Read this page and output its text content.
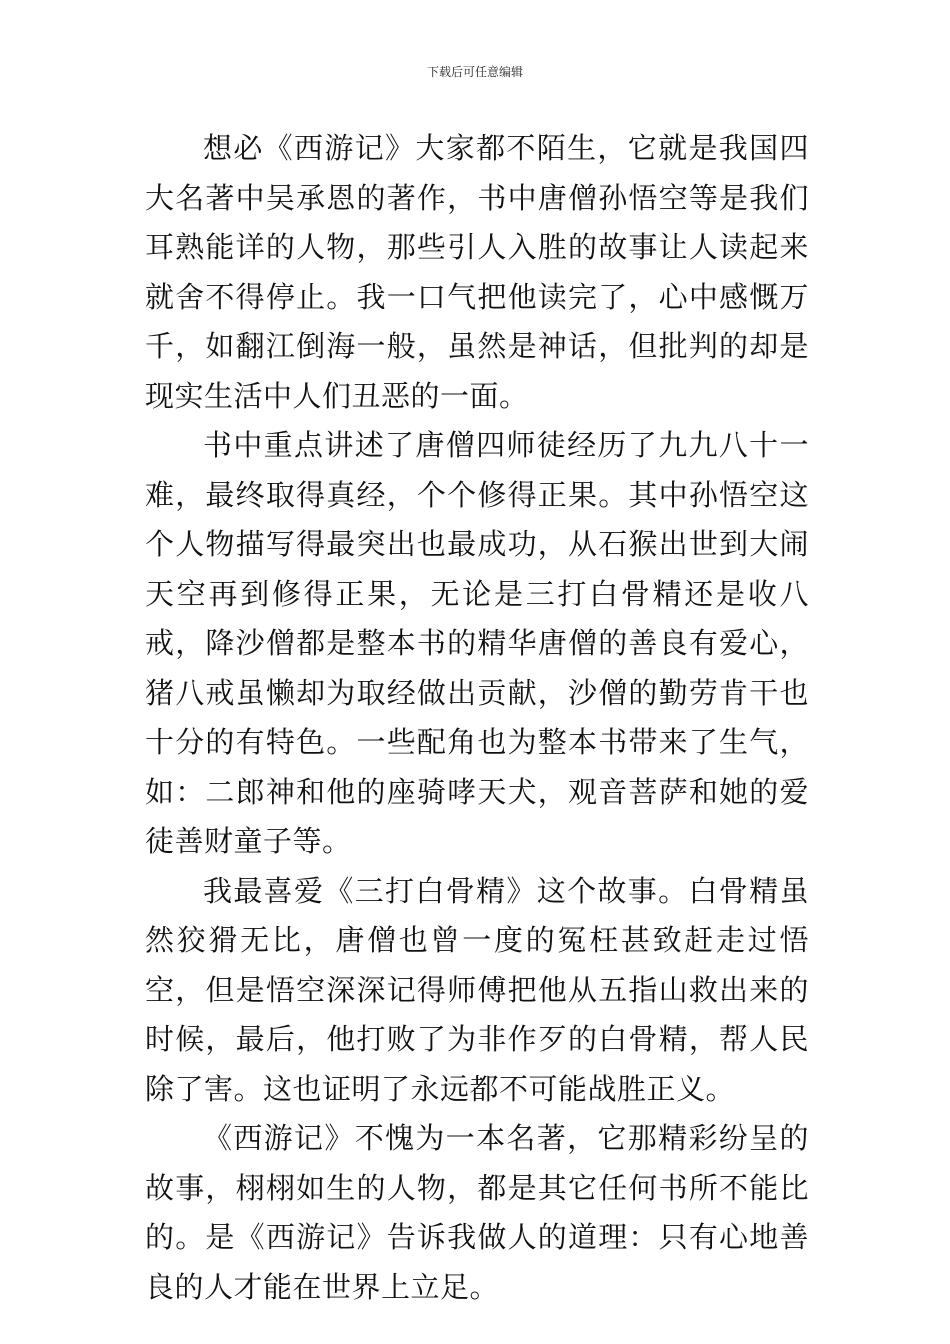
下载后可任意编辑

想必《西游记》大家都不陌生，它就是我国四大名著中吴承恩的著作，书中唐僧孙悟空等是我们耳熟能详的人物，那些引人入胜的故事让人读起来就舍不得停止。我一口气把他读完了，心中感慨万千，如翻江倒海一般，虽然是神话，但批判的却是现实生活中人们丑恶的一面。

书中重点讲述了唐僧四师徒经历了九九八十一难，最终取得真经，个个修得正果。其中孙悟空这个人物描写得最突出也最成功，从石猴出世到大闹天空再到修得正果，无论是三打白骨精还是收八戒，降沙僧都是整本书的精华唐僧的善良有爱心，猪八戒虽懒却为取经做出贡献，沙僧的勤劳肯干也十分的有特色。一些配角也为整本书带来了生气，如：二郎神和他的座骑哮天犬，观音菩萨和她的爱徒善财童子等。

我最喜爱《三打白骨精》这个故事。白骨精虽然狡猾无比，唐僧也曾一度的冤枉甚致赶走过悟空，但是悟空深深记得师傅把他从五指山救出来的时候，最后，他打败了为非作歹的白骨精，帮人民除了害。这也证明了永远都不可能战胜正义。

《西游记》不愧为一本名著，它那精彩纷呈的故事，栩栩如生的人物，都是其它任何书所不能比的。是《西游记》告诉我做人的道理：只有心地善良的人才能在世界上立足。
